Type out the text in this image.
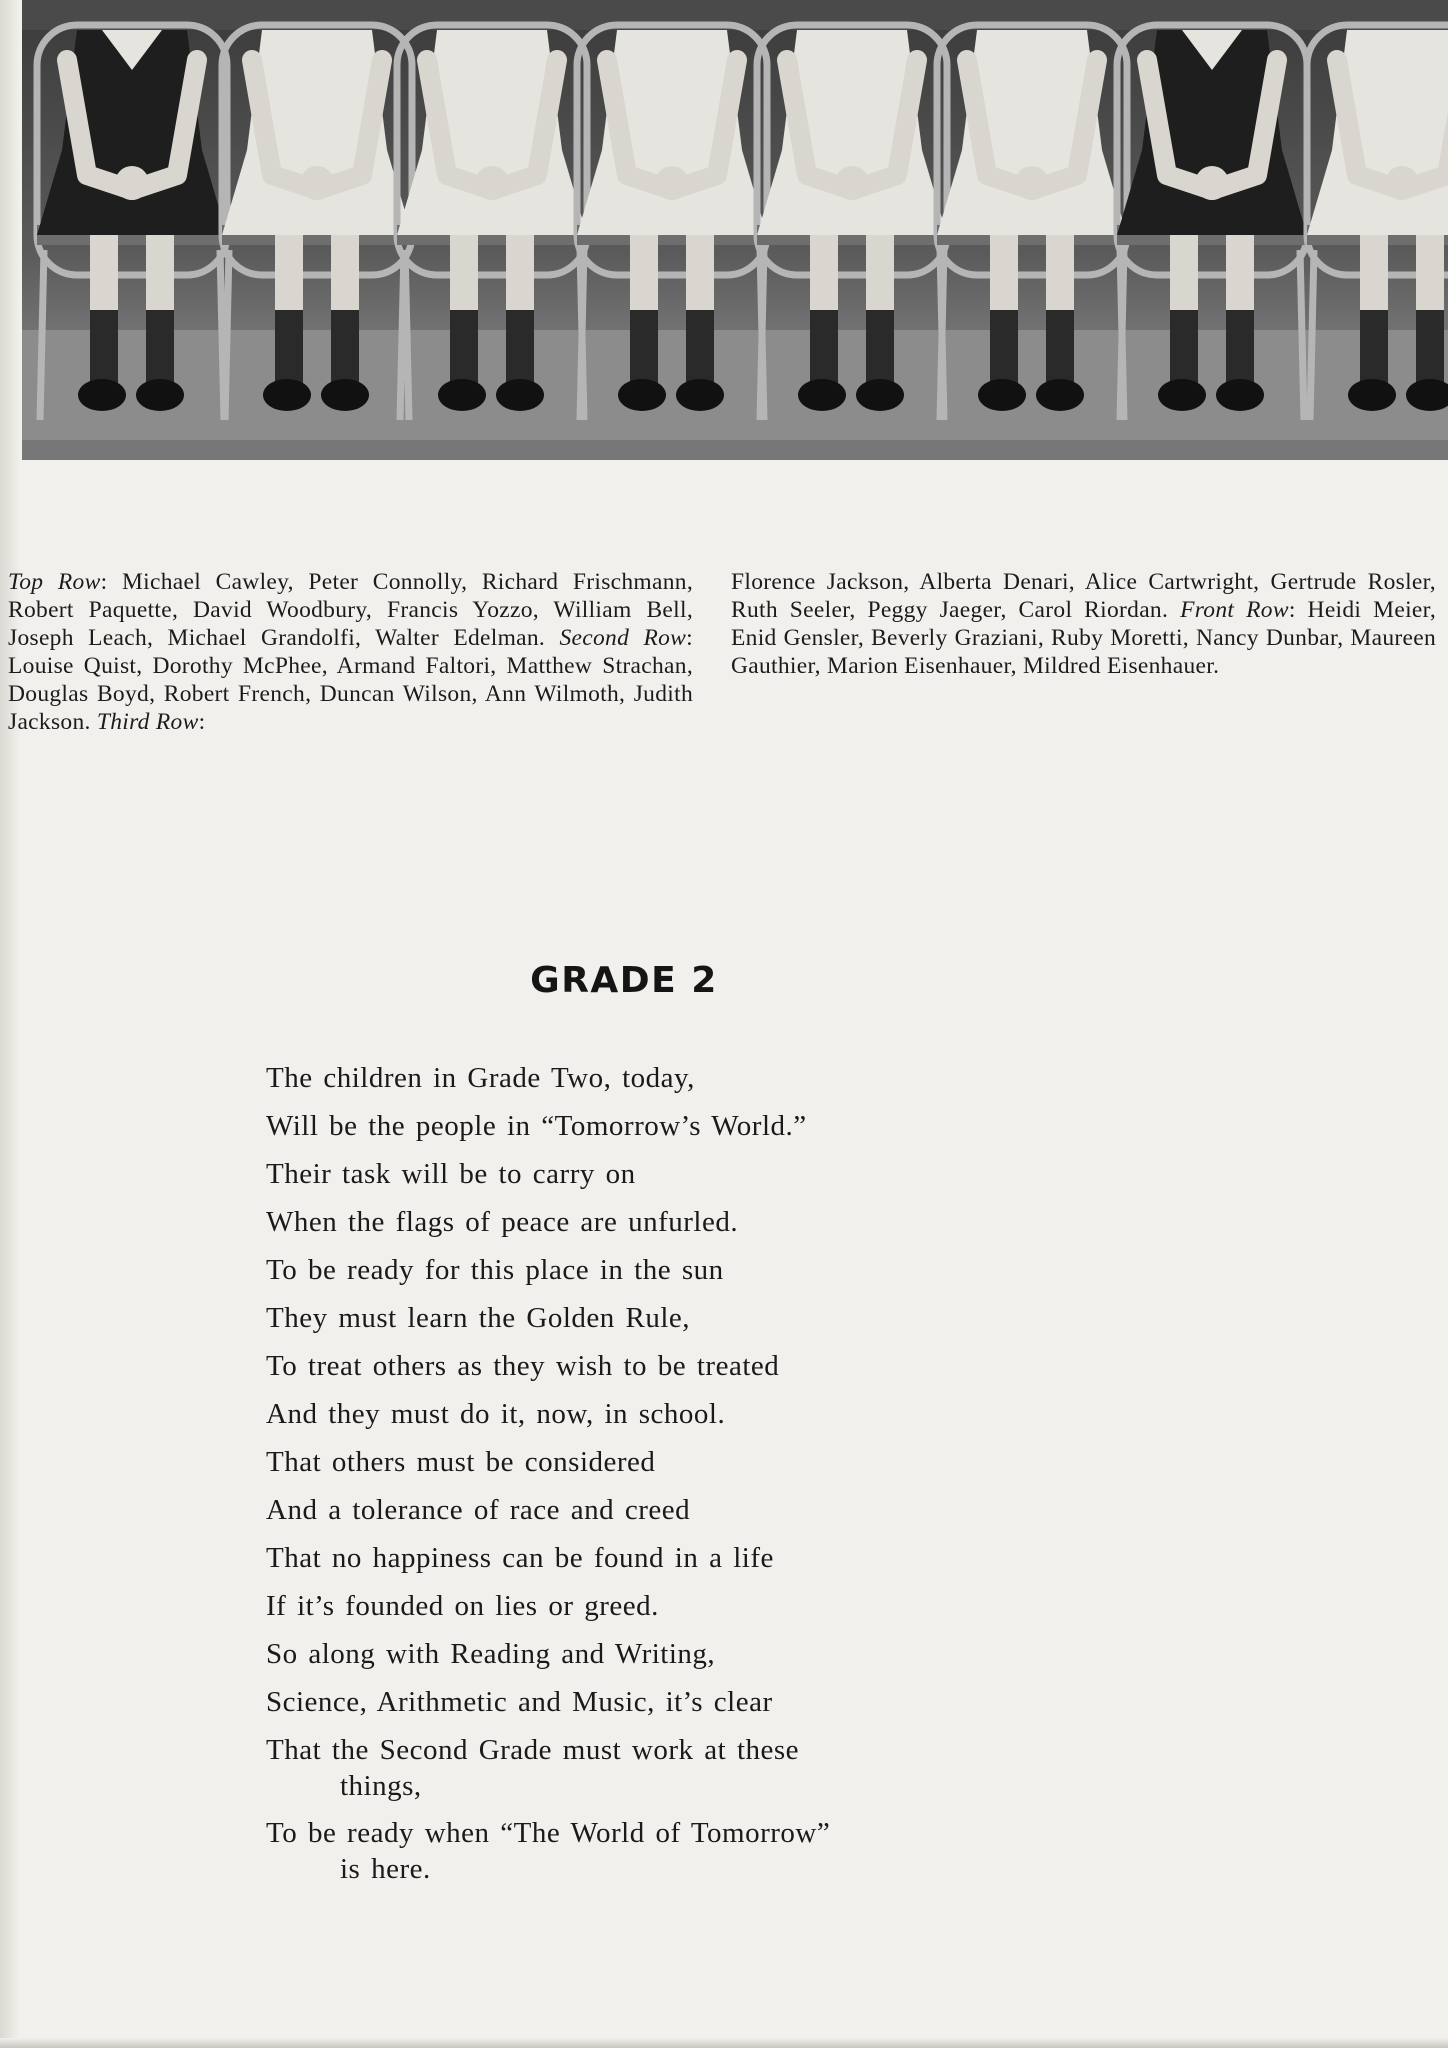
Top Row: Michael Cawley, Peter Connolly, Richard Frischmann, Robert Paquette, David Woodbury, Francis Yozzo, William Bell, Joseph Leach, Michael Grandolfi, Walter Edelman. Second Row: Louise Quist, Dorothy McPhee, Armand Faltori, Matthew Strachan, Douglas Boyd, Robert French, Duncan Wilson, Ann Wilmoth, Judith Jackson. Third Row:
Florence Jackson, Alberta Denari, Alice Cartwright, Gertrude Rosler, Ruth Seeler, Peggy Jaeger, Carol Riordan. Front Row: Heidi Meier, Enid Gensler, Beverly Graziani, Ruby Moretti, Nancy Dunbar, Maureen Gauthier, Marion Eisenhauer, Mildred Eisenhauer.
GRADE 2
The children in Grade Two, today,
Will be the people in “Tomorrow’s World.”
Their task will be to carry on
When the flags of peace are unfurled.
To be ready for this place in the sun
They must learn the Golden Rule,
To treat others as they wish to be treated
And they must do it, now, in school.
That others must be considered
And a tolerance of race and creed
That no happiness can be found in a life
If it’s founded on lies or greed.
So along with Reading and Writing,
Science, Arithmetic and Music, it’s clear
That the Second Grade must work at these
things,
To be ready when “The World of Tomorrow”
is here.
